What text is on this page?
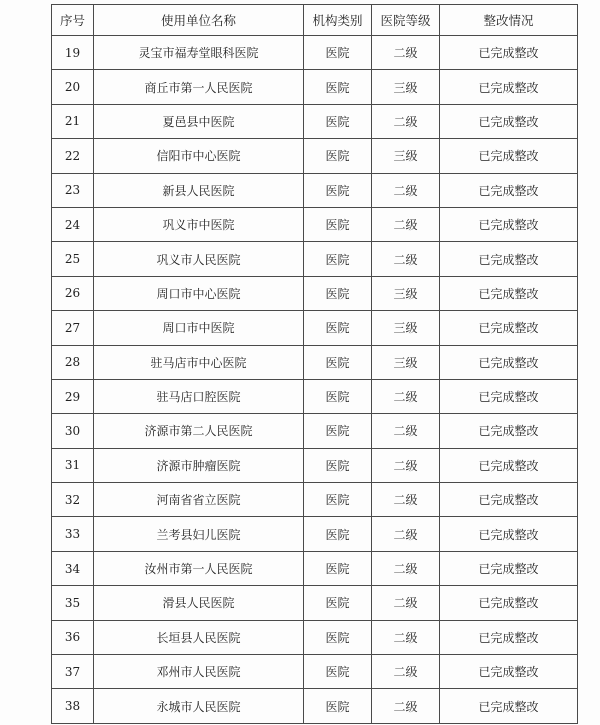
序号	使用单位名称	机构类别	医院等级	整改情况
19	灵宝市福寿堂眼科医院	医院	二级	已完成整改
20	商丘市第一人民医院	医院	三级	已完成整改
21	夏邑县中医院	医院	二级	已完成整改
22	信阳市中心医院	医院	三级	已完成整改
23	新县人民医院	医院	二级	已完成整改
24	巩义市中医院	医院	二级	已完成整改
25	巩义市人民医院	医院	二级	已完成整改
26	周口市中心医院	医院	三级	已完成整改
27	周口市中医院	医院	三级	已完成整改
28	驻马店市中心医院	医院	三级	已完成整改
29	驻马店口腔医院	医院	二级	已完成整改
30	济源市第二人民医院	医院	二级	已完成整改
31	济源市肿瘤医院	医院	二级	已完成整改
32	河南省省立医院	医院	二级	已完成整改
33	兰考县妇儿医院	医院	二级	已完成整改
34	汝州市第一人民医院	医院	二级	已完成整改
35	滑县人民医院	医院	二级	已完成整改
36	长垣县人民医院	医院	二级	已完成整改
37	邓州市人民医院	医院	二级	已完成整改
38	永城市人民医院	医院	二级	已完成整改
